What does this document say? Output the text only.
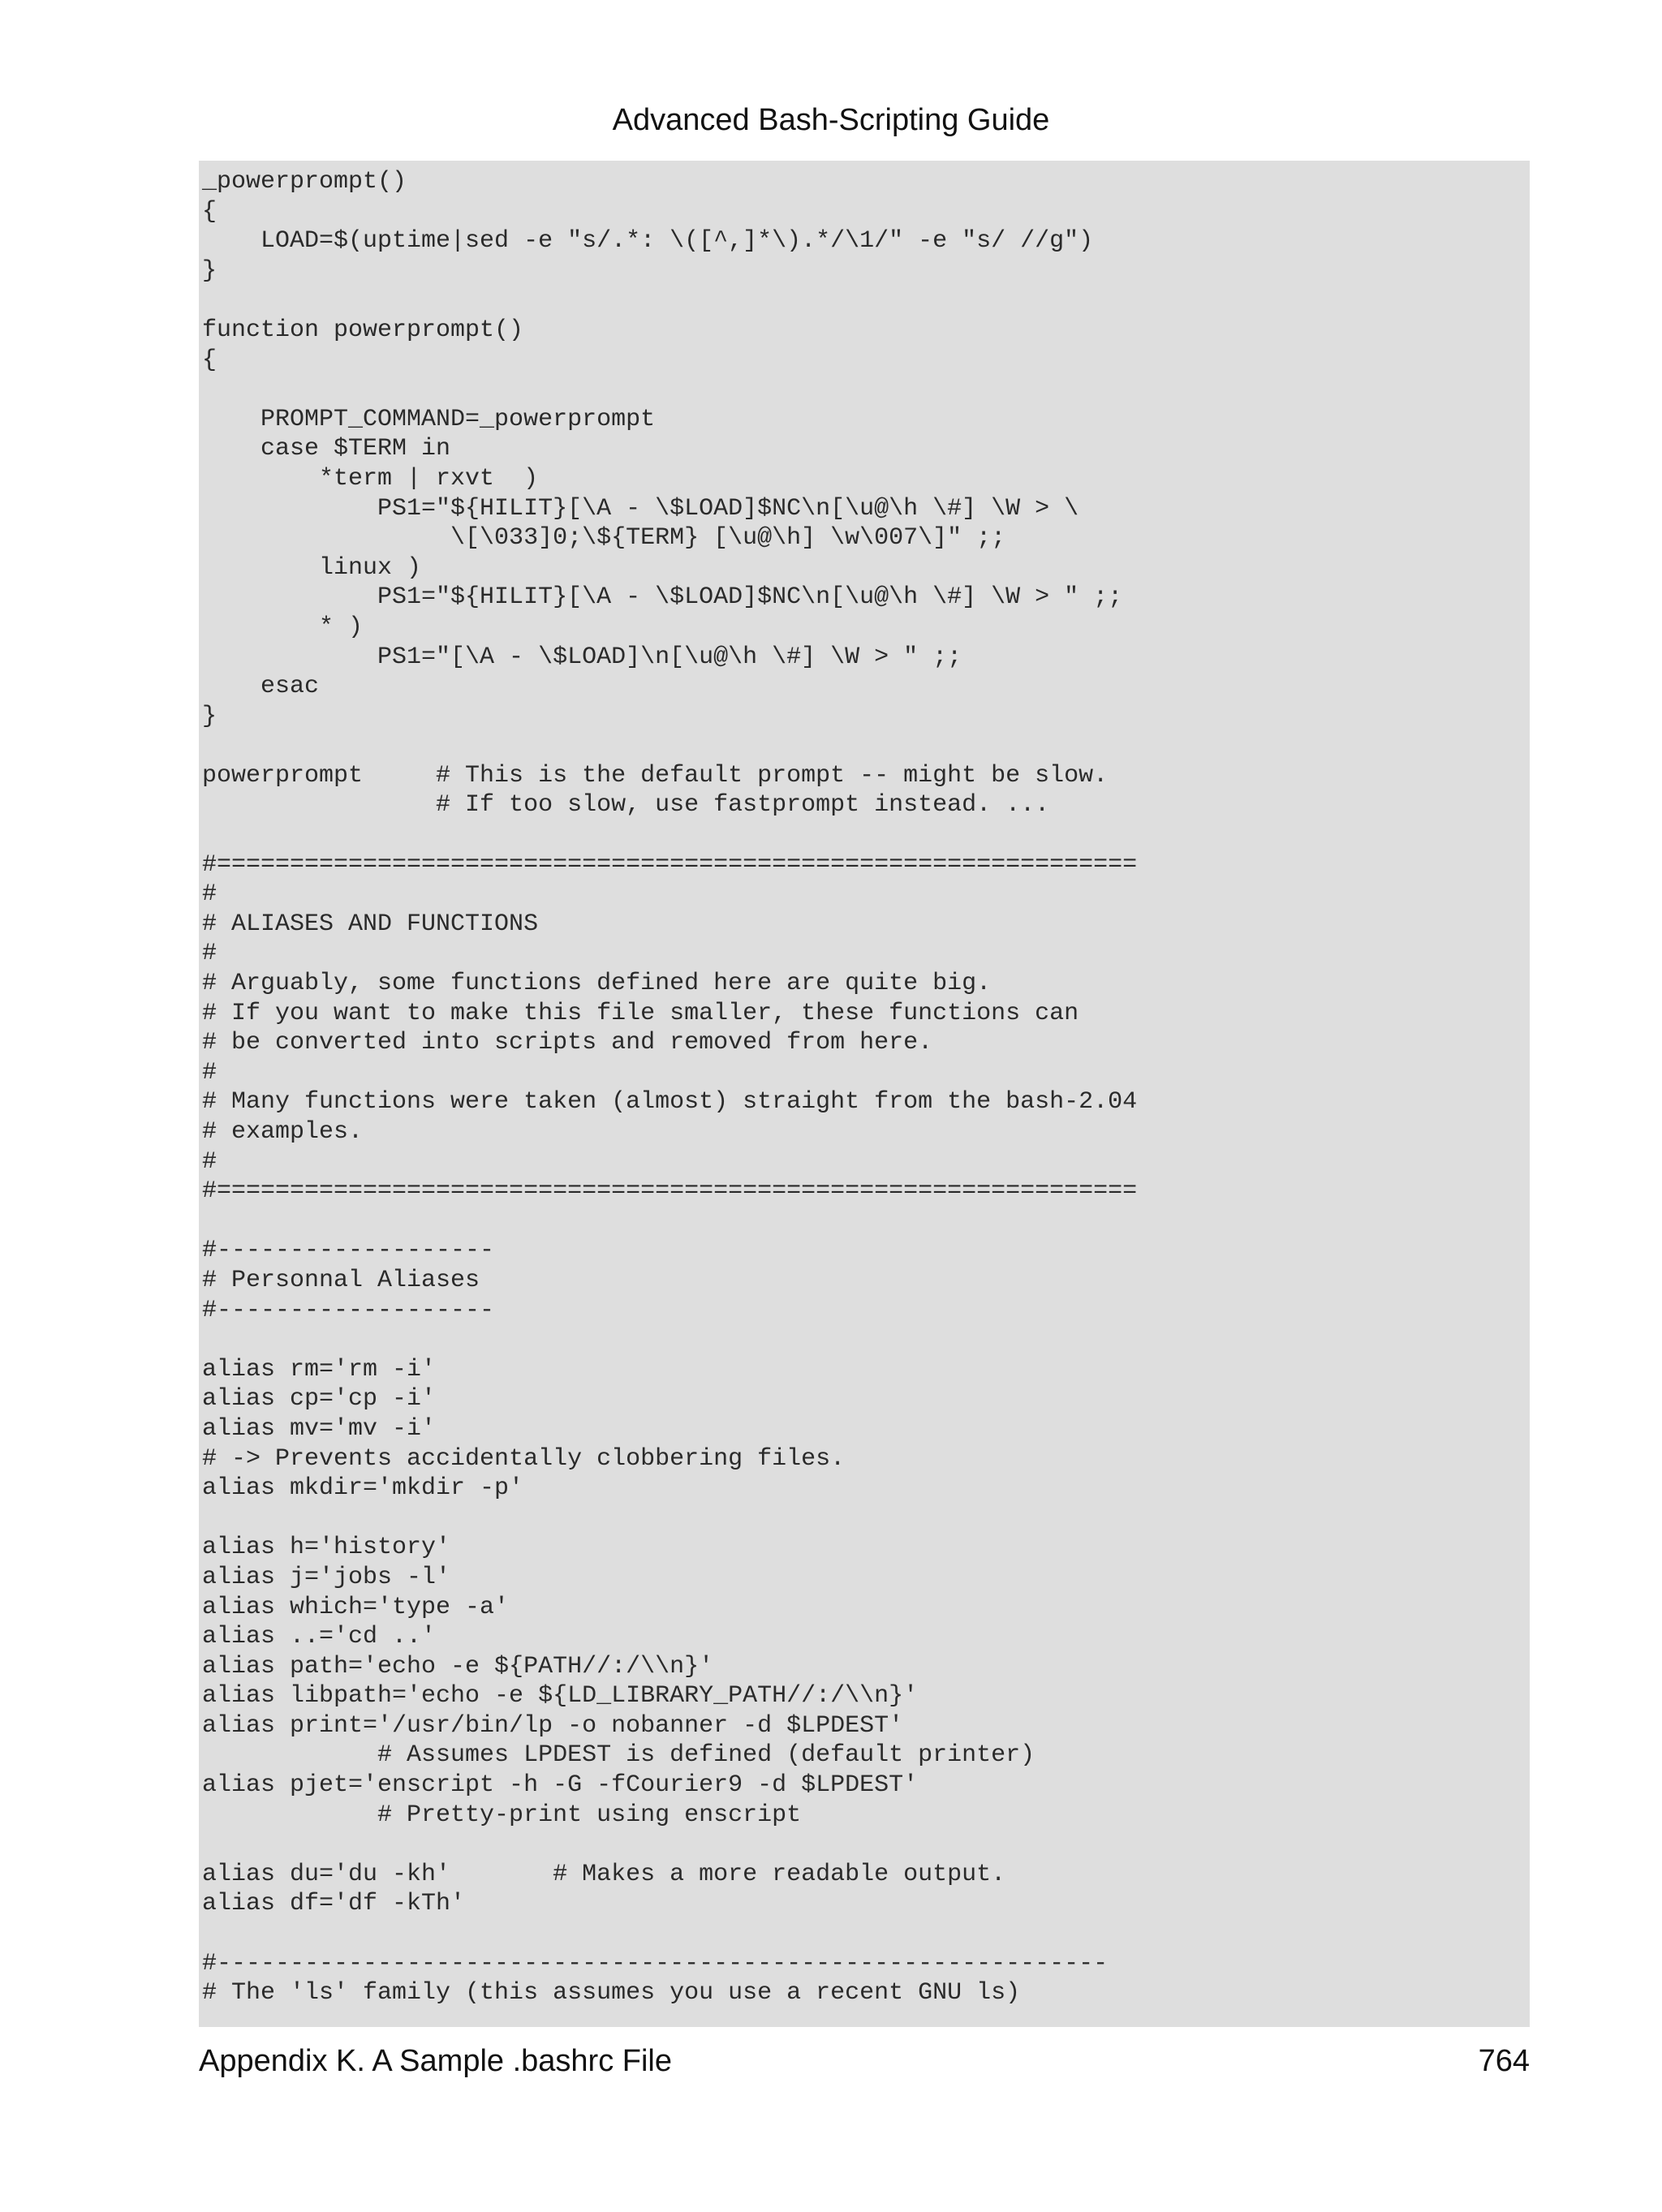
Advanced Bash-Scripting Guide
_powerprompt()
{
LOAD=$(uptime|sed -e "s/.*: \([^,]*\).*/\1/" -e "s/ //g")
}

function powerprompt()
{

PROMPT_COMMAND=_powerprompt
case $TERM in
*term | rxvt  )
PS1="${HILIT}[\A - \$LOAD]$NC\n[\u@\h \#] \W > \
\[\033]0;\${TERM} [\u@\h] \w\007\]" ;;
linux )
PS1="${HILIT}[\A - \$LOAD]$NC\n[\u@\h \#] \W > " ;;
* )
PS1="[\A - \$LOAD]\n[\u@\h \#] \W > " ;;
esac
}

powerprompt     # This is the default prompt -- might be slow.
# If too slow, use fastprompt instead. ...

#===============================================================
#
# ALIASES AND FUNCTIONS
#
# Arguably, some functions defined here are quite big.
# If you want to make this file smaller, these functions can
# be converted into scripts and removed from here.
#
# Many functions were taken (almost) straight from the bash-2.04
# examples.
#
#===============================================================

#-------------------
# Personnal Aliases
#-------------------

alias rm='rm -i'
alias cp='cp -i'
alias mv='mv -i'
# -> Prevents accidentally clobbering files.
alias mkdir='mkdir -p'

alias h='history'
alias j='jobs -l'
alias which='type -a'
alias ..='cd ..'
alias path='echo -e ${PATH//:/\\n}'
alias libpath='echo -e ${LD_LIBRARY_PATH//:/\\n}'
alias print='/usr/bin/lp -o nobanner -d $LPDEST'
# Assumes LPDEST is defined (default printer)
alias pjet='enscript -h -G -fCourier9 -d $LPDEST'
# Pretty-print using enscript

alias du='du -kh'       # Makes a more readable output.
alias df='df -kTh'

#-------------------------------------------------------------
# The 'ls' family (this assumes you use a recent GNU ls)
Appendix K. A Sample .bashrc File	764
